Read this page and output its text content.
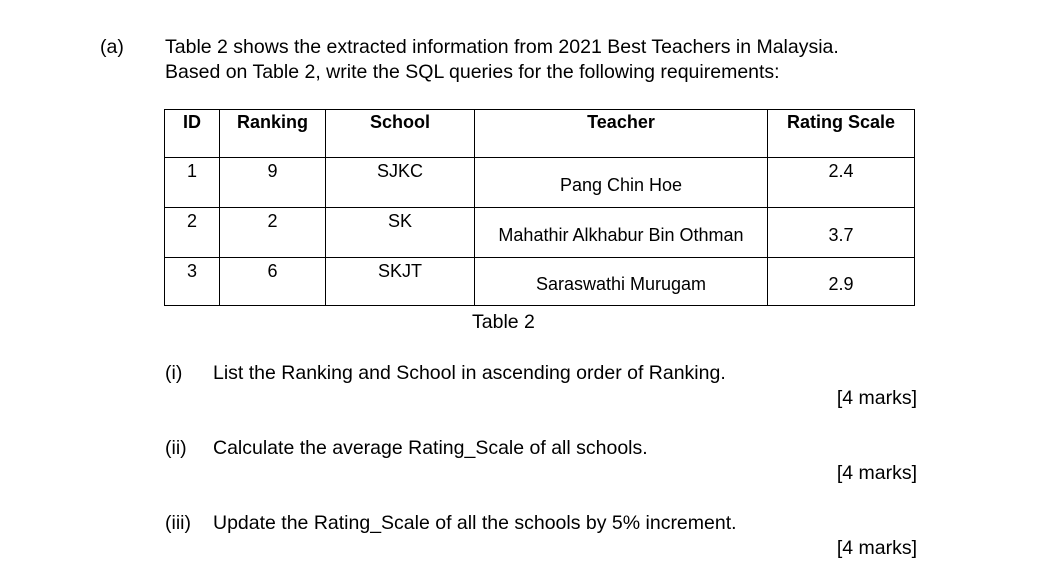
(a) Table 2 shows the extracted information from 2021 Best Teachers in Malaysia.
Based on Table 2, write the SQL queries for the following requirements:
ID	Ranking	School	Teacher	Rating Scale
1	9	SJKC	Pang Chin Hoe	2.4
2	2	SK	Mahathir Alkhabur Bin Othman	3.7
3	6	SKJT	Saraswathi Murugam	2.9
Table 2
(i) List the Ranking and School in ascending order of Ranking.
[4 marks]
(ii) Calculate the average Rating_Scale of all schools.
[4 marks]
(iii) Update the Rating_Scale of all the schools by 5% increment.
[4 marks]
